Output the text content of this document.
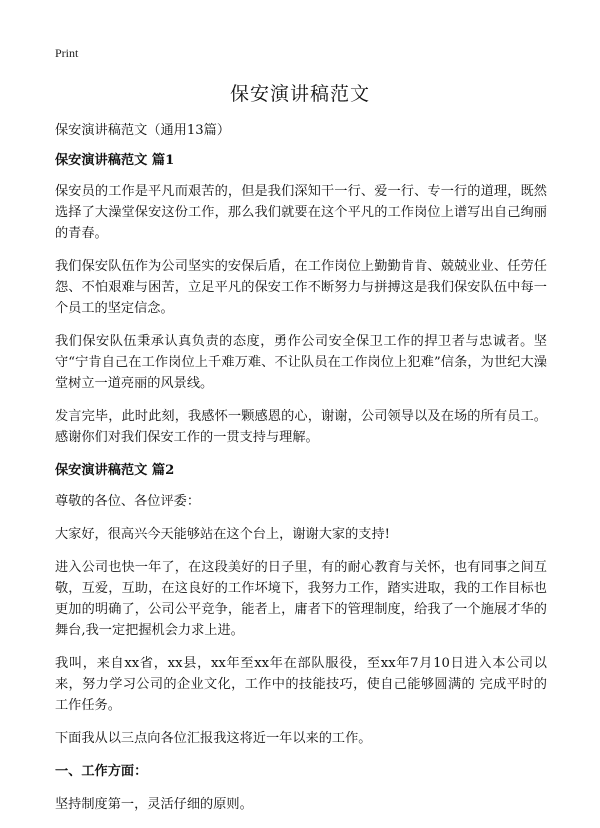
Print
保安演讲稿范文

保安演讲稿范文（通用13篇）

保安演讲稿范文 篇1

保安员的工作是平凡而艰苦的，但是我们深知干一行、爱一行、专一行的道理，既然选择了大澡堂保安这份工作，那么我们就要在这个平凡的工作岗位上谱写出自己绚丽的青春。

我们保安队伍作为公司坚实的安保后盾，在工作岗位上勤勤肯肯、兢兢业业、任劳任怨、不怕艰难与困苦，立足平凡的保安工作不断努力与拼搏这是我们保安队伍中每一个员工的坚定信念。

我们保安队伍秉承认真负责的态度，勇作公司安全保卫工作的捍卫者与忠诚者。坚守“宁肯自己在工作岗位上千难万难、不让队员在工作岗位上犯难”信条，为世纪大澡堂树立一道亮丽的风景线。

发言完毕，此时此刻，我感怀一颗感恩的心，谢谢，公司领导以及在场的所有员工。感谢你们对我们保安工作的一贯支持与理解。

保安演讲稿范文 篇2

尊敬的各位、各位评委：

大家好，很高兴今天能够站在这个台上，谢谢大家的支持!

进入公司也快一年了，在这段美好的日子里，有的耐心教育与关怀，也有同事之间互敬，互爱，互助，在这良好的工作坏境下，我努力工作，踏实进取，我的工作目标也更加的明确了，公司公平竞争，能者上，庸者下的管理制度，给我了一个施展才华的舞台,我一定把握机会力求上进。

我叫，来自xx省，xx县，xx年至xx年在部队服役，至xx年7月10日进入本公司以来，努力学习公司的企业文化，工作中的技能技巧，使自己能够圆满的 完成平时的工作任务。

下面我从以三点向各位汇报我这将近一年以来的工作。

一、工作方面：

坚持制度第一，灵活仔细的原则。
